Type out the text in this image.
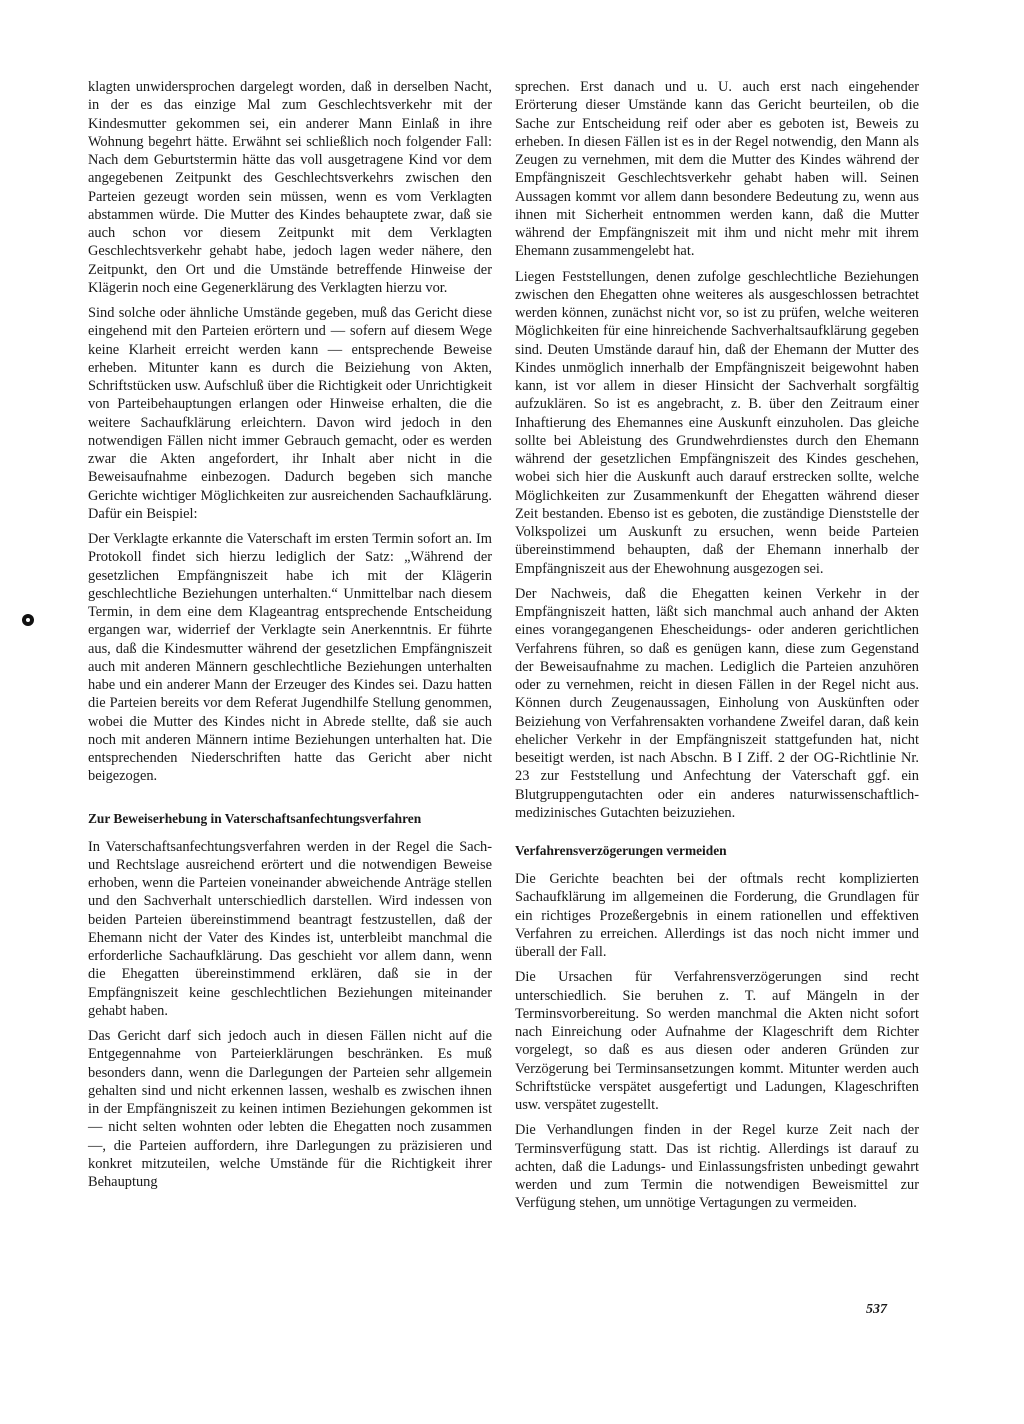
klagten unwidersprochen dargelegt worden, daß in derselben Nacht, in der es das einzige Mal zum Geschlechtsverkehr mit der Kindesmutter gekommen sei, ein anderer Mann Einlaß in ihre Wohnung begehrt hätte. Erwähnt sei schließlich noch folgender Fall: Nach dem Geburtstermin hätte das voll ausgetragene Kind vor dem angegebenen Zeitpunkt des Geschlechtsverkehrs zwischen den Parteien gezeugt worden sein müssen, wenn es vom Verklagten abstammen würde. Die Mutter des Kindes behauptete zwar, daß sie auch schon vor diesem Zeitpunkt mit dem Verklagten Geschlechtsverkehr gehabt habe, jedoch lagen weder nähere, den Zeitpunkt, den Ort und die Umstände betreffende Hinweise der Klägerin noch eine Gegenerklärung des Verklagten hierzu vor.

Sind solche oder ähnliche Umstände gegeben, muß das Gericht diese eingehend mit den Parteien erörtern und — sofern auf diesem Wege keine Klarheit erreicht werden kann — entsprechende Beweise erheben. Mitunter kann es durch die Beiziehung von Akten, Schriftstücken usw. Aufschluß über die Richtigkeit oder Unrichtigkeit von Parteibehauptungen erlangen oder Hinweise erhalten, die die weitere Sachaufklärung erleichtern. Davon wird jedoch in den notwendigen Fällen nicht immer Gebrauch gemacht, oder es werden zwar die Akten angefordert, ihr Inhalt aber nicht in die Beweisaufnahme einbezogen. Dadurch begeben sich manche Gerichte wichtiger Möglichkeiten zur ausreichenden Sachaufklärung. Dafür ein Beispiel:

Der Verklagte erkannte die Vaterschaft im ersten Termin sofort an. Im Protokoll findet sich hierzu lediglich der Satz: „Während der gesetzlichen Empfängniszeit habe ich mit der Klägerin geschlechtliche Beziehungen unterhalten.“ Unmittelbar nach diesem Termin, in dem eine dem Klageantrag entsprechende Entscheidung ergangen war, widerrief der Verklagte sein Anerkenntnis. Er führte aus, daß die Kindesmutter während der gesetzlichen Empfängniszeit auch mit anderen Männern geschlechtliche Beziehungen unterhalten habe und ein anderer Mann der Erzeuger des Kindes sei. Dazu hatten die Parteien bereits vor dem Referat Jugendhilfe Stellung genommen, wobei die Mutter des Kindes nicht in Abrede stellte, daß sie auch noch mit anderen Männern intime Beziehungen unterhalten hat. Die entsprechenden Niederschriften hatte das Gericht aber nicht beigezogen.

Zur Beweiserhebung in Vaterschaftsanfechtungsverfahren

In Vaterschaftsanfechtungsverfahren werden in der Regel die Sach- und Rechtslage ausreichend erörtert und die notwendigen Beweise erhoben, wenn die Parteien voneinander abweichende Anträge stellen und den Sachverhalt unterschiedlich darstellen. Wird indessen von beiden Parteien übereinstimmend beantragt festzustellen, daß der Ehemann nicht der Vater des Kindes ist, unterbleibt manchmal die erforderliche Sachaufklärung. Das geschieht vor allem dann, wenn die Ehegatten übereinstimmend erklären, daß sie in der Empfängniszeit keine geschlechtlichen Beziehungen miteinander gehabt haben.

Das Gericht darf sich jedoch auch in diesen Fällen nicht auf die Entgegennahme von Parteierklärungen beschränken. Es muß besonders dann, wenn die Darlegungen der Parteien sehr allgemein gehalten sind und nicht erkennen lassen, weshalb es zwischen ihnen in der Empfängniszeit zu keinen intimen Beziehungen gekommen ist — nicht selten wohnten oder lebten die Ehegatten noch zusammen —, die Parteien auffordern, ihre Darlegungen zu präzisieren und konkret mitzuteilen, welche Umstände für die Richtigkeit ihrer Behauptung

sprechen. Erst danach und u. U. auch erst nach eingehender Erörterung dieser Umstände kann das Gericht beurteilen, ob die Sache zur Entscheidung reif oder aber es geboten ist, Beweis zu erheben. In diesen Fällen ist es in der Regel notwendig, den Mann als Zeugen zu vernehmen, mit dem die Mutter des Kindes während der Empfängniszeit Geschlechtsverkehr gehabt haben will. Seinen Aussagen kommt vor allem dann besondere Bedeutung zu, wenn aus ihnen mit Sicherheit entnommen werden kann, daß die Mutter während der Empfängniszeit mit ihm und nicht mehr mit ihrem Ehemann zusammengelebt hat.

Liegen Feststellungen, denen zufolge geschlechtliche Beziehungen zwischen den Ehegatten ohne weiteres als ausgeschlossen betrachtet werden können, zunächst nicht vor, so ist zu prüfen, welche weiteren Möglichkeiten für eine hinreichende Sachverhaltsaufklärung gegeben sind. Deuten Umstände darauf hin, daß der Ehemann der Mutter des Kindes unmöglich innerhalb der Empfängniszeit beigewohnt haben kann, ist vor allem in dieser Hinsicht der Sachverhalt sorgfältig aufzuklären. So ist es angebracht, z. B. über den Zeitraum einer Inhaftierung des Ehemannes eine Auskunft einzuholen. Das gleiche sollte bei Ableistung des Grundwehrdienstes durch den Ehemann während der gesetzlichen Empfängniszeit des Kindes geschehen, wobei sich hier die Auskunft auch darauf erstrecken sollte, welche Möglichkeiten zur Zusammenkunft der Ehegatten während dieser Zeit bestanden. Ebenso ist es geboten, die zuständige Dienststelle der Volkspolizei um Auskunft zu ersuchen, wenn beide Parteien übereinstimmend behaupten, daß der Ehemann innerhalb der Empfängniszeit aus der Ehewohnung ausgezogen sei.

Der Nachweis, daß die Ehegatten keinen Verkehr in der Empfängniszeit hatten, läßt sich manchmal auch anhand der Akten eines vorangegangenen Ehescheidungs- oder anderen gerichtlichen Verfahrens führen, so daß es genügen kann, diese zum Gegenstand der Beweisaufnahme zu machen. Lediglich die Parteien anzuhören oder zu vernehmen, reicht in diesen Fällen in der Regel nicht aus. Können durch Zeugenaussagen, Einholung von Auskünften oder Beiziehung von Verfahrensakten vorhandene Zweifel daran, daß kein ehelicher Verkehr in der Empfängniszeit stattgefunden hat, nicht beseitigt werden, ist nach Abschn. B I Ziff. 2 der OG-Richtlinie Nr. 23 zur Feststellung und Anfechtung der Vaterschaft ggf. ein Blutgruppengutachten oder ein anderes naturwissenschaftlich-medizinisches Gutachten beizuziehen.

Verfahrensverzögerungen vermeiden

Die Gerichte beachten bei der oftmals recht komplizierten Sachaufklärung im allgemeinen die Forderung, die Grundlagen für ein richtiges Prozeßergebnis in einem rationellen und effektiven Verfahren zu erreichen. Allerdings ist das noch nicht immer und überall der Fall.

Die Ursachen für Verfahrensverzögerungen sind recht unterschiedlich. Sie beruhen z. T. auf Mängeln in der Terminsvorbereitung. So werden manchmal die Akten nicht sofort nach Einreichung oder Aufnahme der Klageschrift dem Richter vorgelegt, so daß es aus diesen oder anderen Gründen zur Verzögerung bei Terminsansetzungen kommt. Mitunter werden auch Schriftstücke verspätet ausgefertigt und Ladungen, Klageschriften usw. verspätet zugestellt.

Die Verhandlungen finden in der Regel kurze Zeit nach der Terminsverfügung statt. Das ist richtig. Allerdings ist darauf zu achten, daß die Ladungs- und Einlassungsfristen unbedingt gewahrt werden und zum Termin die notwendigen Beweismittel zur Verfügung stehen, um unnötige Vertagungen zu vermeiden.

537
